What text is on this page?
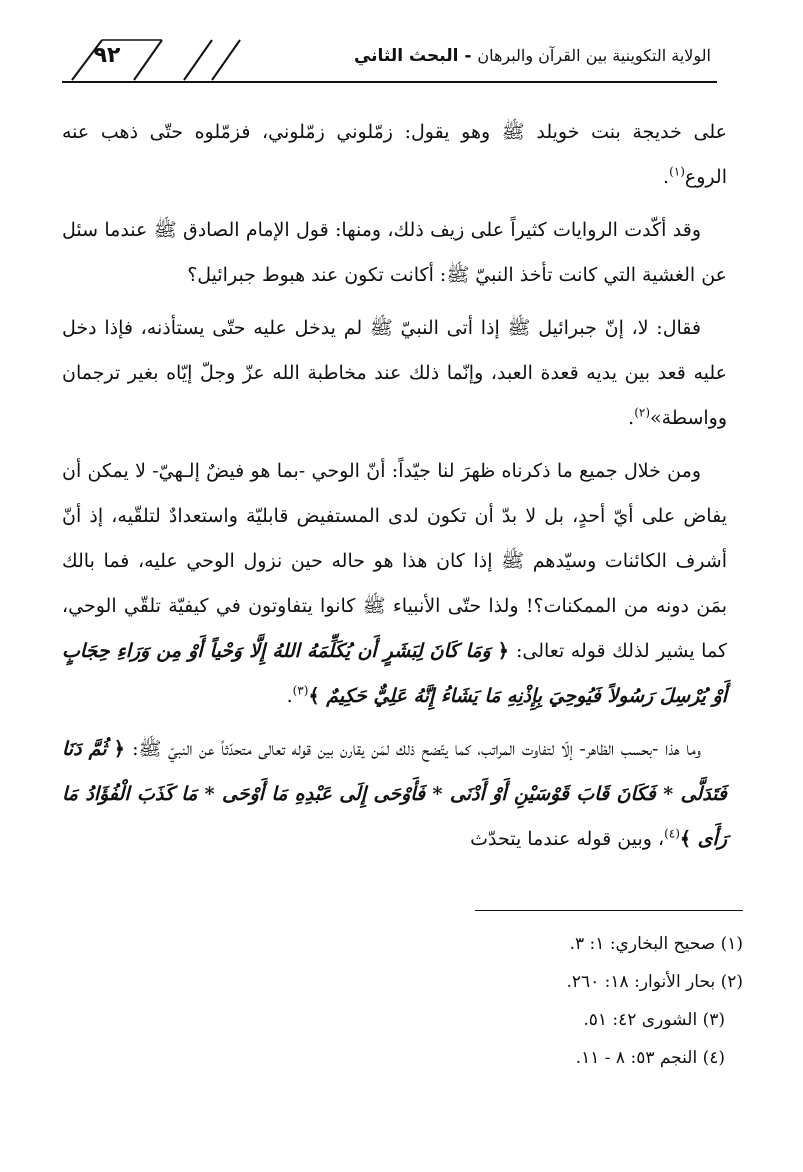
٩٢	الولاية التكوينية بين القرآن والبرهان - البحث الثاني

على خديجة بنت خويلد ﷺ وهو يقول: زمّلوني زمّلوني، فزمّلوه حتّى ذهب عنه الروع$^{(١)}$.

وقد أكّدت الروايات كثيراً على زيف ذلك، ومنها: قول الإمام الصادق ﷺ عندما سئل عن الغشية التي كانت تأخذ النبيّ ﷺ: أكانت تكون عند هبوط جبرائيل؟

فقال: لا، إنّ جبرائيل ﷺ إذا أتى النبيّ ﷺ لم يدخل عليه حتّى يستأذنه، فإذا دخل عليه قعد بين يديه قعدة العبد، وإنّما ذلك عند مخاطبة الله عزّ وجلّ إيّاه بغير ترجمان وواسطة»$^{(٢)}$.

ومن خلال جميع ما ذكرناه ظهرَ لنا جيّداً: أنّ الوحي -بما هو فيضٌ إلـهيّ- لا يمكن أن يفاض على أيّ أحدٍ، بل لا بدّ أن تكون لدى المستفيض قابليّة واستعدادٌ لتلقّيه، إذ أنّ أشرف الكائنات وسيّدهم ﷺ إذا كان هذا هو حاله حين نزول الوحي عليه، فما بالك بمَن دونه من الممكنات؟! ولذا حتّى الأنبياء ﷺ كانوا يتفاوتون في كيفيّة تلقّي الوحي، كما يشير لذلك قوله تعالى: ﴿ وَمَا كَانَ لِبَشَرٍ أَن يُكَلِّمَهُ اللهُ إِلَّا وَحْياً أَوْ مِن وَرَاءِ حِجَابٍ أَوْ يُرْسِلَ رَسُولاً فَيُوحِيَ بِإِذْنِهِ مَا يَشَاءُ إِنَّهُ عَلِيٌّ حَكِيمٌ ﴾$^{(٣)}$.

وما هذا -بحسب الظاهر- إلّا لتفاوت المراتب، كما يتّضح ذلك لمَن يقارن بين قوله تعالى متحدّثاً عن النبيّ ﷺ: ﴿ ثُمَّ دَنَا فَتَدَلَّى * فَكَانَ قَابَ قَوْسَيْنِ أَوْ أَدْنَى * فَأَوْحَى إِلَى عَبْدِهِ مَا أَوْحَى * مَا كَذَبَ الْفُؤَادُ مَا رَأَى ﴾$^{(٤)}$، وبين قوله عندما يتحدّث

(١) صحيح البخاري: ١: ٣.
(٢) بحار الأنوار: ١٨: ٢٦٠.
(٣) الشورى ٤٢: ٥١.
(٤) النجم ٥٣: ٨ - ١١.
